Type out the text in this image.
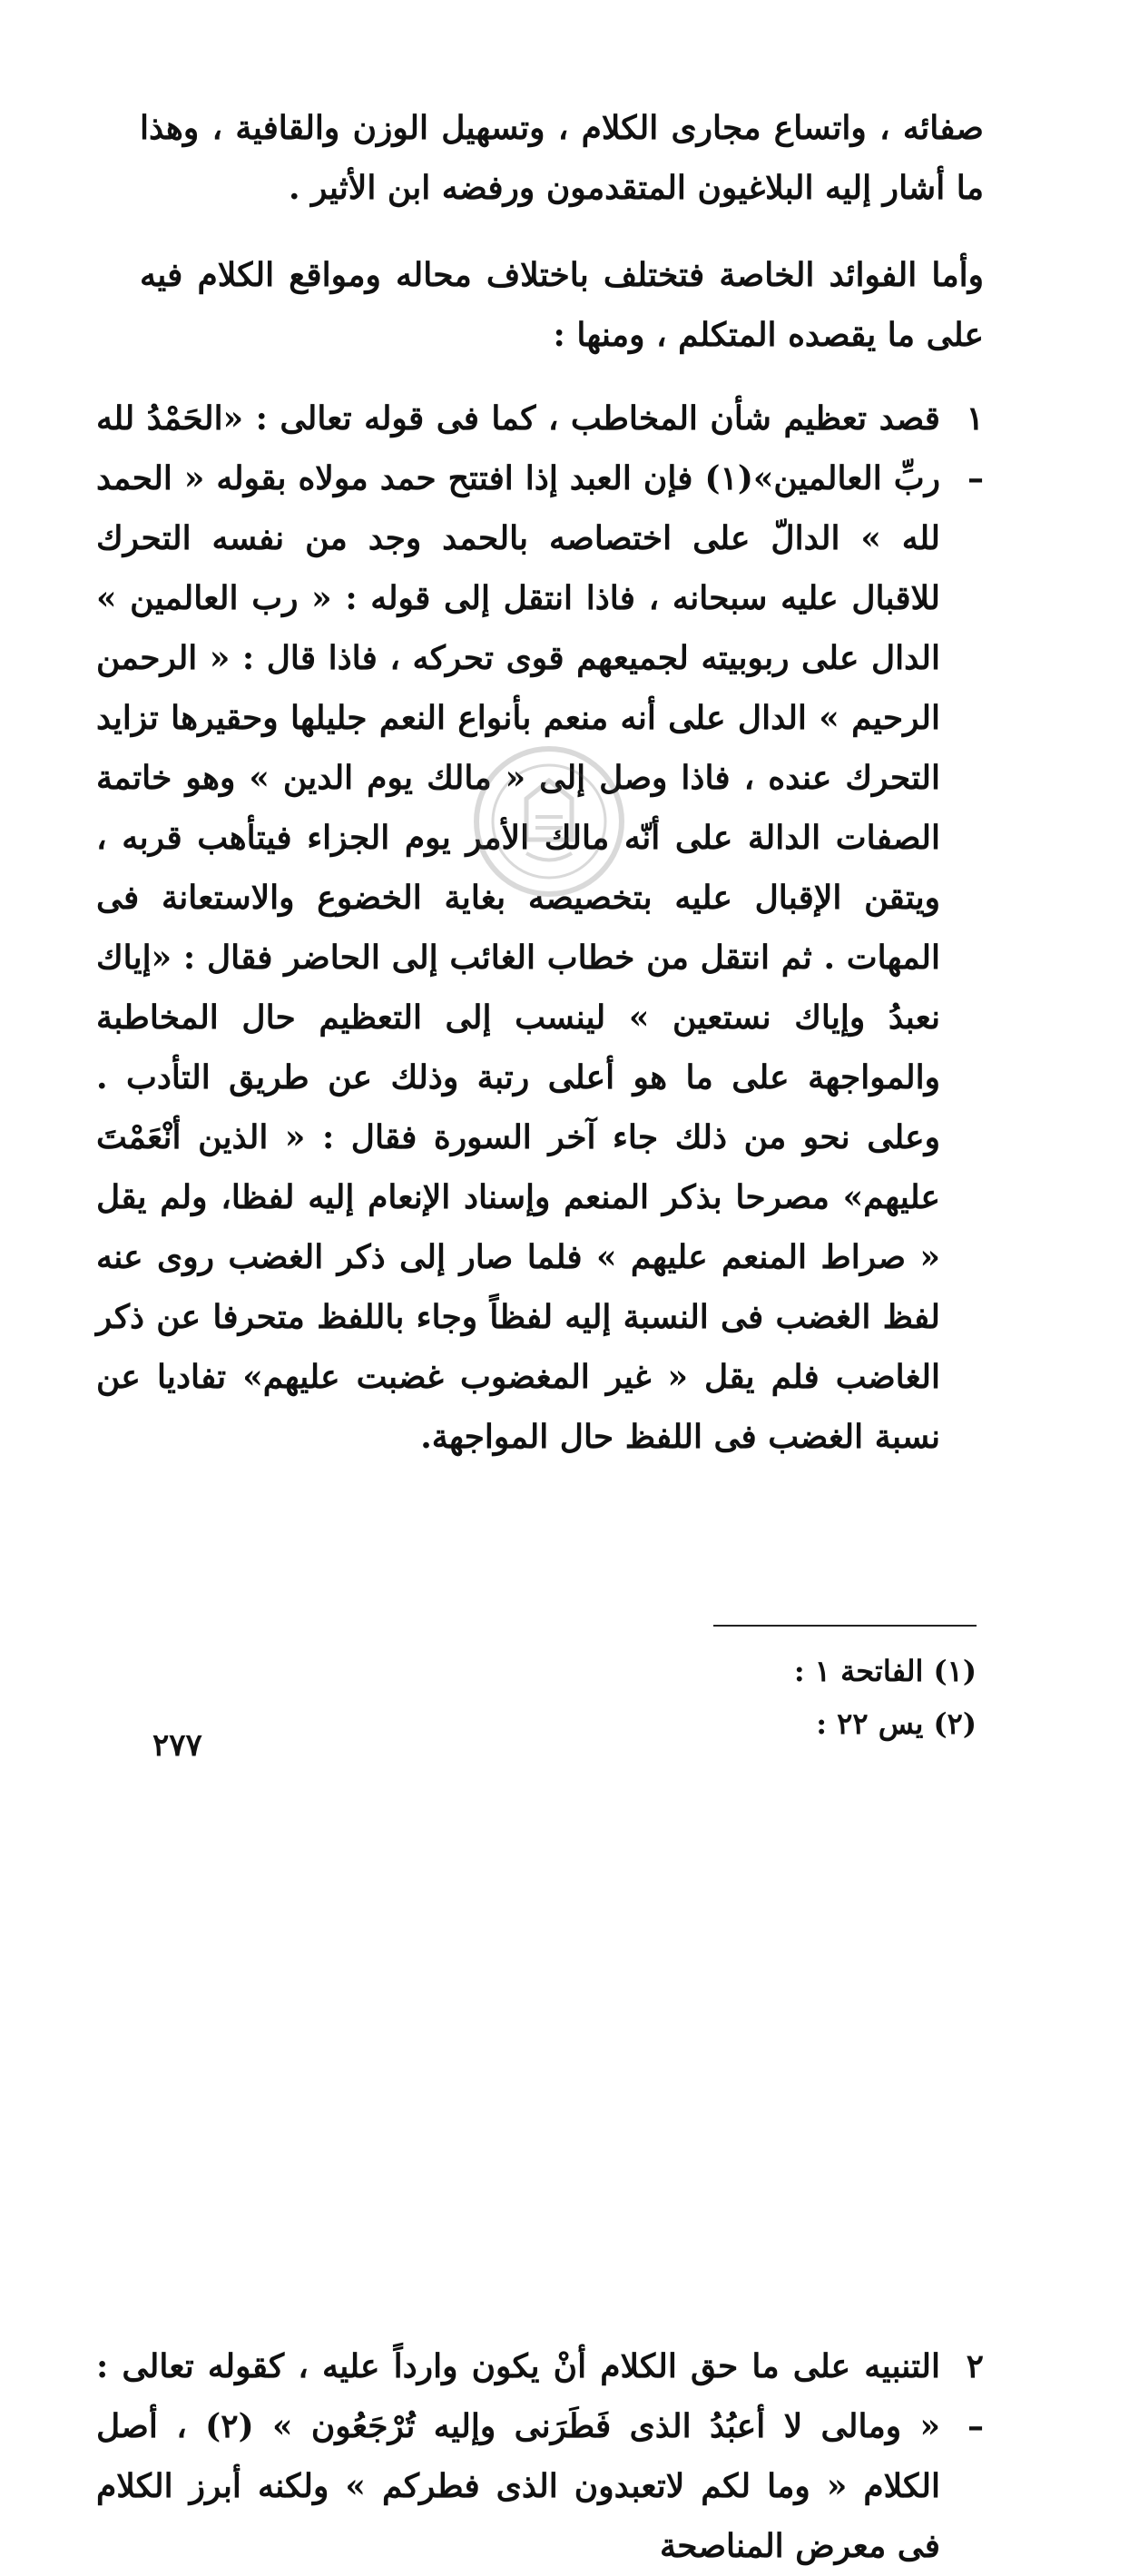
صفائه ، واتساع مجارى الكلام ، وتسهيل الوزن والقافية ، وهذا ما أشار إليه البلاغيون المتقدمون ورفضه ابن الأثير .

وأما الفوائد الخاصة فتختلف باختلاف محاله ومواقع الكلام فيه على ما يقصده المتكلم ، ومنها :

١ –

قصد تعظيم شأن المخاطب ، كما فى قوله تعالى : «الحَمْدُ لله ربِّ العالمين»(١) فإن العبد إذا افتتح حمد مولاه بقوله « الحمد لله » الدالّ على اختصاصه بالحمد وجد من نفسه التحرك للاقبال عليه سبحانه ، فاذا انتقل إلى قوله : « رب العالمين » الدال على ربوبيته لجميعهم قوى تحركه ، فاذا قال : « الرحمن الرحيم » الدال على أنه منعم بأنواع النعم جليلها وحقيرها تزايد التحرك عنده ، فاذا وصل إلى « مالك يوم الدين » وهو خاتمة الصفات الدالة على أنّه مالك الأمر يوم الجزاء فيتأهب قربه ، ويتقن الإقبال عليه بتخصيصه بغاية الخضوع والاستعانة فى المهات . ثم انتقل من خطاب الغائب إلى الحاضر فقال : «إياك نعبدُ وإياك نستعين » لينسب إلى التعظيم حال المخاطبة والمواجهة على ما هو أعلى رتبة وذلك عن طريق التأدب . وعلى نحو من ذلك جاء آخر السورة فقال : « الذين أنْعَمْتَ عليهم» مصرحا بذكر المنعم وإسناد الإنعام إليه لفظا، ولم يقل « صراط المنعم عليهم » فلما صار إلى ذكر الغضب روى عنه لفظ الغضب فى النسبة إليه لفظاً وجاء باللفظ متحرفا عن ذكر الغاضب فلم يقل « غير المغضوب غضبت عليهم» تفاديا عن نسبة الغضب فى اللفظ حال المواجهة.

٢ –

التنبيه على ما حق الكلام أنْ يكون وارداً عليه ، كقوله تعالى : « ومالى لا أعبُدُ الذى فَطَرَنى وإليه تُرْجَعُون » (٢) ، أصل الكلام « وما لكم لاتعبدون الذى فطركم » ولكنه أبرز الكلام فى معرض المناصحة

(١) الفاتحة ١ :

(٢) يس ٢٢ :

٢٧٧
